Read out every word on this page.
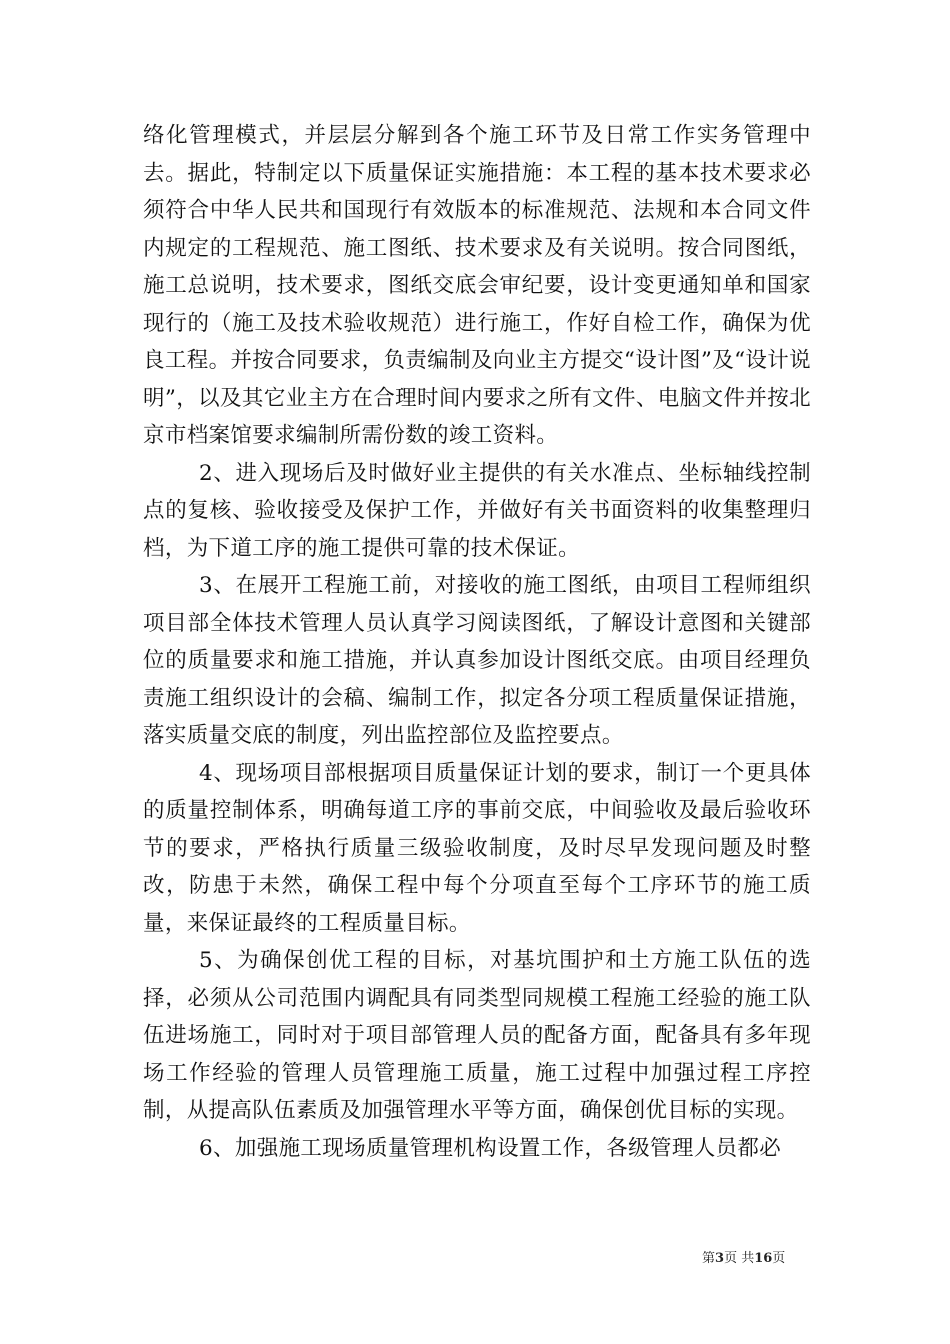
络化管理模式，并层层分解到各个施工环节及日常工作实务管理中去。据此，特制定以下质量保证实施措施：本工程的基本技术要求必须符合中华人民共和国现行有效版本的标准规范、法规和本合同文件内规定的工程规范、施工图纸、技术要求及有关说明。按合同图纸，施工总说明，技术要求，图纸交底会审纪要，设计变更通知单和国家现行的（施工及技术验收规范）进行施工，作好自检工作，确保为优良工程。并按合同要求，负责编制及向业主方提交“设计图”及“设计说明”，以及其它业主方在合理时间内要求之所有文件、电脑文件并按北京市档案馆要求编制所需份数的竣工资料。

2、进入现场后及时做好业主提供的有关水准点、坐标轴线控制点的复核、验收接受及保护工作，并做好有关书面资料的收集整理归档，为下道工序的施工提供可靠的技术保证。

3、在展开工程施工前，对接收的施工图纸，由项目工程师组织项目部全体技术管理人员认真学习阅读图纸，了解设计意图和关键部位的质量要求和施工措施，并认真参加设计图纸交底。由项目经理负责施工组织设计的会稿、编制工作，拟定各分项工程质量保证措施，落实质量交底的制度，列出监控部位及监控要点。

4、现场项目部根据项目质量保证计划的要求，制订一个更具体的质量控制体系，明确每道工序的事前交底，中间验收及最后验收环节的要求，严格执行质量三级验收制度，及时尽早发现问题及时整改，防患于未然，确保工程中每个分项直至每个工序环节的施工质量，来保证最终的工程质量目标。

5、为确保创优工程的目标，对基坑围护和土方施工队伍的选择，必须从公司范围内调配具有同类型同规模工程施工经验的施工队伍进场施工，同时对于项目部管理人员的配备方面，配备具有多年现场工作经验的管理人员管理施工质量，施工过程中加强过程工序控制，从提高队伍素质及加强管理水平等方面，确保创优目标的实现。

6、加强施工现场质量管理机构设置工作，各级管理人员都必

第3页 共16页
